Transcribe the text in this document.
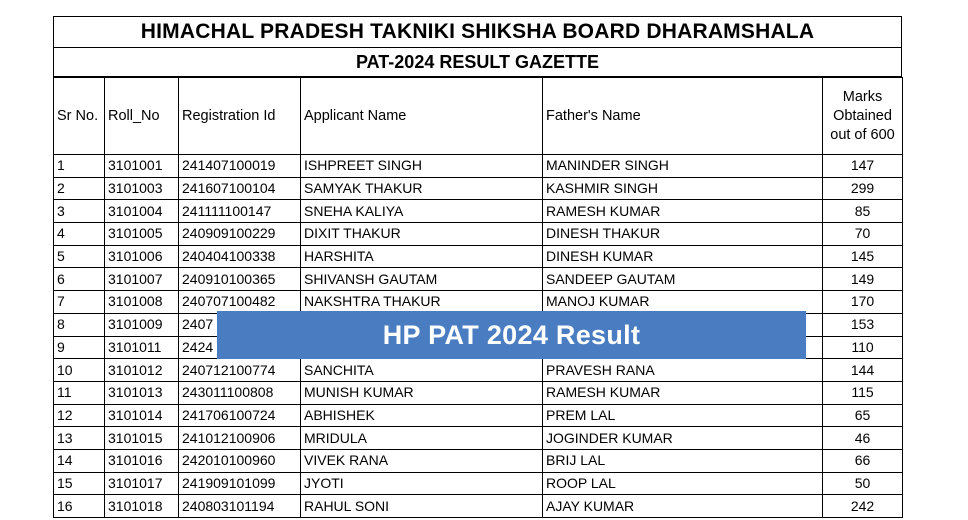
HIMACHAL PRADESH TAKNIKI SHIKSHA BOARD DHARAMSHALA
PAT-2024 RESULT GAZETTE
Sr No.	Roll_No	Registration Id	Applicant Name	Father's Name	Marks Obtained out of 600
1	3101001	241407100019	ISHPREET SINGH	MANINDER SINGH	147
2	3101003	241607100104	SAMYAK THAKUR	KASHMIR SINGH	299
3	3101004	241111100147	SNEHA KALIYA	RAMESH KUMAR	85
4	3101005	240909100229	DIXIT THAKUR	DINESH THAKUR	70
5	3101006	240404100338	HARSHITA	DINESH KUMAR	145
6	3101007	240910100365	SHIVANSH GAUTAM	SANDEEP GAUTAM	149
7	3101008	240707100482	NAKSHTRA THAKUR	MANOJ KUMAR	170
8	3101009	2407			153
9	3101011	2424			110
10	3101012	240712100774	SANCHITA	PRAVESH RANA	144
11	3101013	243011100808	MUNISH KUMAR	RAMESH KUMAR	115
12	3101014	241706100724	ABHISHEK	PREM LAL	65
13	3101015	241012100906	MRIDULA	JOGINDER KUMAR	46
14	3101016	242010100960	VIVEK RANA	BRIJ LAL	66
15	3101017	241909101099	JYOTI	ROOP LAL	50
16	3101018	240803101194	RAHUL SONI	AJAY KUMAR	242
HP PAT 2024 Result
